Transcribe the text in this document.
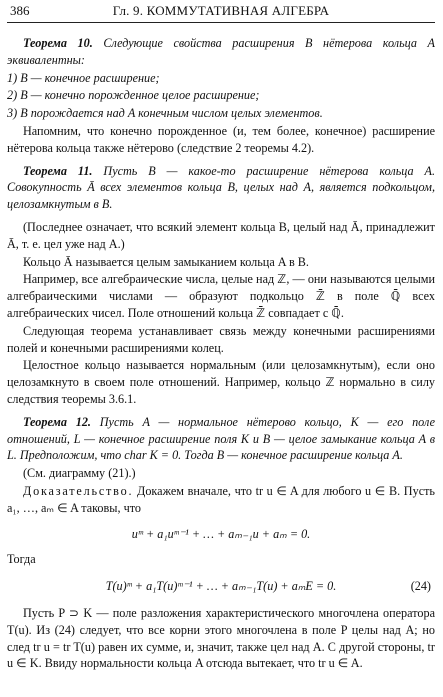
386	Гл. 9. КОММУТАТИВНАЯ АЛГЕБРА

Теорема 10. Следующие свойства расширения B нётерова кольца A эквивалентны:

1) B — конечное расширение;

2) B — конечно порожденное целое расширение;

3) B порождается над A конечным числом целых элементов.

Напомним, что конечно порожденное (и, тем более, конечное) расширение нётерова кольца также нётерово (следствие 2 теоремы 4.2).

Теорема 11. Пусть B — какое-то расширение нётерова кольца A. Совокупность Ā всех элементов кольца B, целых над A, является подкольцом, целозамкнутым в B.

(Последнее означает, что всякий элемент кольца B, целый над Ā, принадлежит Ā, т. е. цел уже над A.)

Кольцо Ā называется целым замыканием кольца A в B.

Например, все алгебраические числа, целые над ℤ, — они называются целыми алгебраическими числами — образуют подкольцо ℤ̄ в поле ℚ̄ всех алгебраических чисел. Поле отношений кольца ℤ̄ совпадает с ℚ̄.

Следующая теорема устанавливает связь между конечными расширениями полей и конечными расширениями колец.

Целостное кольцо называется нормальным (или целозамкнутым), если оно целозамкнуто в своем поле отношений. Например, кольцо ℤ нормально в силу следствия теоремы 3.6.1.

Теорема 12. Пусть A — нормальное нётерово кольцо, K — его поле отношений, L — конечное расширение поля K и B — целое замыкание кольца A в L. Предположим, что char K = 0. Тогда B — конечное расширение кольца A.

(См. диаграмму (21).)

Доказательство. Докажем вначале, что tr u ∈ A для любого u ∈ B. Пусть a₁, …, aₘ ∈ A таковы, что

uᵐ + a₁uᵐ⁻¹ + … + aₘ₋₁u + aₘ = 0.

Тогда

T(u)ᵐ + a₁T(u)ᵐ⁻¹ + … + aₘ₋₁T(u) + aₘE = 0.	(24)

Пусть P ⊃ K — поле разложения характеристического многочлена оператора T(u). Из (24) следует, что все корни этого многочлена в поле P целы над A; но след tr u = tr T(u) равен их сумме, и, значит, также цел над A. С другой стороны, tr u ∈ K. Ввиду нормальности кольца A отсюда вытекает, что tr u ∈ A.
